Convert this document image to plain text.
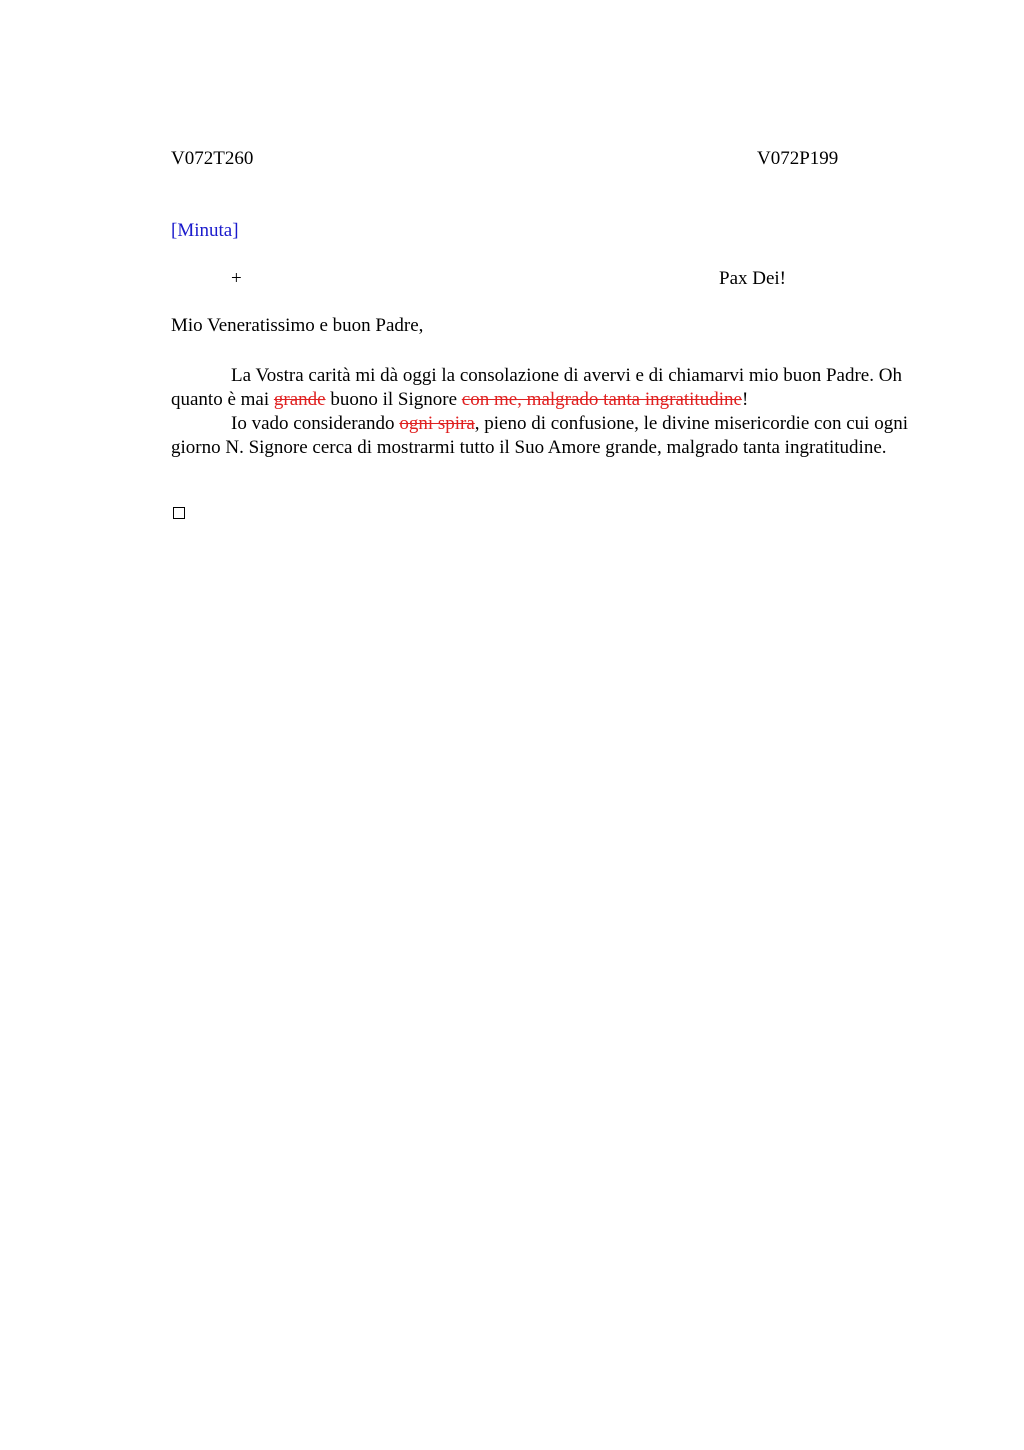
V072T260	V072P199
[Minuta]
+	Pax Dei!
Mio Veneratissimo e buon Padre,

La Vostra carità mi dà oggi la consolazione di avervi e di chiamarvi mio buon Padre. Oh quanto è mai grande buono il Signore con me, malgrado tanta ingratitudine!

Io vado considerando ogni spira, pieno di confusione, le divine misericordie con cui ogni giorno N. Signore cerca di mostrarmi tutto il Suo Amore grande, malgrado tanta ingratitudine.
